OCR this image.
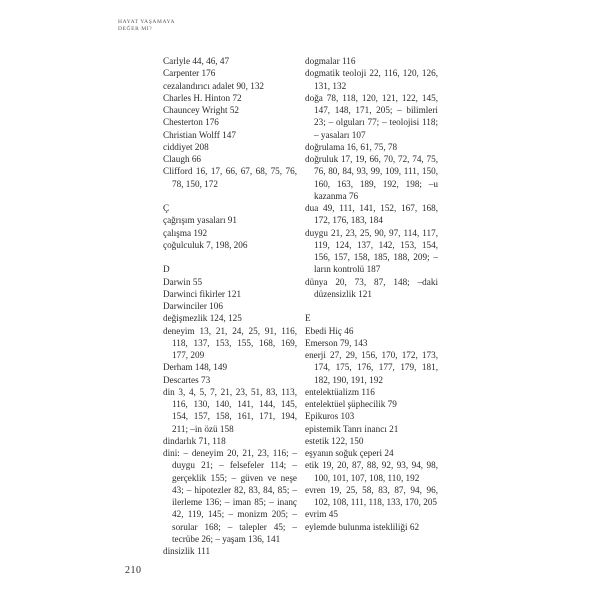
HAYAT YAŞAMAYA
DEĞER MI?
Carlyle 44, 46, 47
Carpenter 176
cezalandırıcı adalet 90, 132
Charles H. Hinton 72
Chauncey Wright 52
Chesterton 176
Christian Wolff 147
ciddiyet 208
Claugh 66
Clifford 16, 17, 66, 67, 68, 75, 76, 78, 150, 172
Ç
çağrışım yasaları 91
çalışma 192
çoğulculuk 7, 198, 206
D
Darwin 55
Darwinci fikirler 121
Darwinciler 106
değişmezlik 124, 125
deneyim 13, 21, 24, 25, 91, 116, 118, 137, 153, 155, 168, 169, 177, 209
Derham 148, 149
Descartes 73
din 3, 4, 5, 7, 21, 23, 51, 83, 113, 116, 130, 140, 141, 144, 145, 154, 157, 158, 161, 171, 194, 211; –in özü 158
dindarlık 71, 118
dini: – deneyim 20, 21, 23, 116; – duygu 21; – felsefeler 114; – gerçeklik 155; – güven ve neşe 43; – hipotezler 82, 83, 84, 85; – ilerleme 136; – iman 85; – inanç 42, 119, 145; – monizm 205; – sorular 168; – talepler 45; – tecrübe 26; – yaşam 136, 141
dinsizlik 111
dogmalar 116
dogmatik teoloji 22, 116, 120, 126, 131, 132
doğa 78, 118, 120, 121, 122, 145, 147, 148, 171, 205; – bilimleri 23; – olguları 77; – teolojisi 118; – yasaları 107
doğrulama 16, 61, 75, 78
doğruluk 17, 19, 66, 70, 72, 74, 75, 76, 80, 84, 93, 99, 109, 111, 150, 160, 163, 189, 192, 198; –u kazanma 76
dua 49, 111, 141, 152, 167, 168, 172, 176, 183, 184
duygu 21, 23, 25, 90, 97, 114, 117, 119, 124, 137, 142, 153, 154, 156, 157, 158, 185, 188, 209; –ların kontrolü 187
dünya 20, 73, 87, 148; –daki düzensizlik 121
E
Ebedi Hiç 46
Emerson 79, 143
enerji 27, 29, 156, 170, 172, 173, 174, 175, 176, 177, 179, 181, 182, 190, 191, 192
entelektüalizm 116
entelektüel şüphecilik 79
Epikuros 103
epistemik Tanrı inancı 21
estetik 122, 150
eşyanın soğuk çeperi 24
etik 19, 20, 87, 88, 92, 93, 94, 98, 100, 101, 107, 108, 110, 192
evren 19, 25, 58, 83, 87, 94, 96, 102, 108, 111, 118, 133, 170, 205
evrim 45
eylemde bulunma istekliliği 62
210
